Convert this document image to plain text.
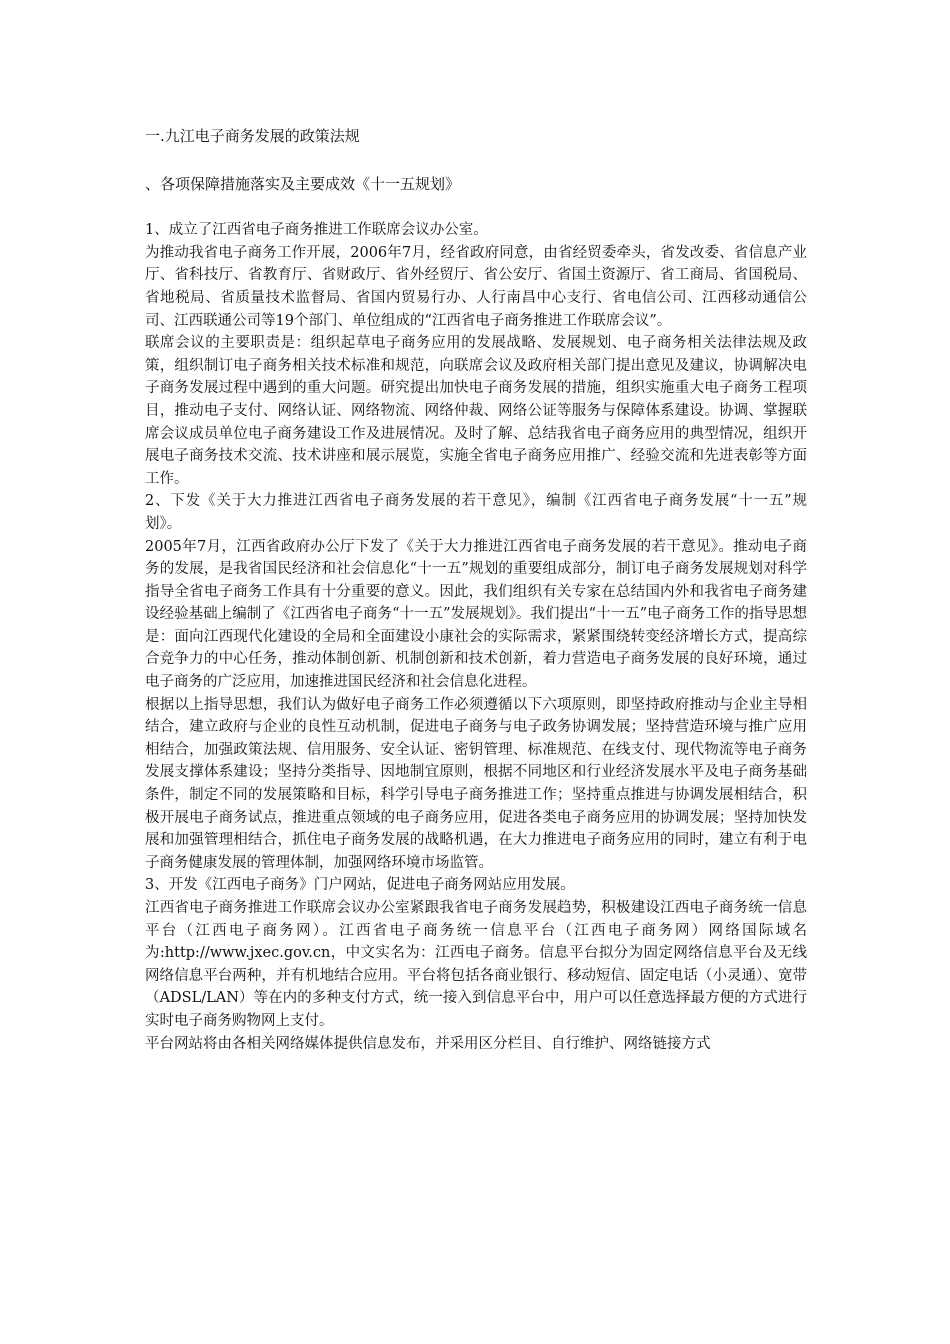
一.九江电子商务发展的政策法规
、各项保障措施落实及主要成效《十一五规划》

1、成立了江西省电子商务推进工作联席会议办公室。

为推动我省电子商务工作开展，2006年7月，经省政府同意，由省经贸委牵头，省发改委、省信息产业厅、省科技厅、省教育厅、省财政厅、省外经贸厅、省公安厅、省国土资源厅、省工商局、省国税局、省地税局、省质量技术监督局、省国内贸易行办、人行南昌中心支行、省电信公司、江西移动通信公司、江西联通公司等19个部门、单位组成的“江西省电子商务推进工作联席会议”。

联席会议的主要职责是：组织起草电子商务应用的发展战略、发展规划、电子商务相关法律法规及政策，组织制订电子商务相关技术标准和规范，向联席会议及政府相关部门提出意见及建议，协调解决电子商务发展过程中遇到的重大问题。研究提出加快电子商务发展的措施，组织实施重大电子商务工程项目，推动电子支付、网络认证、网络物流、网络仲裁、网络公证等服务与保障体系建设。协调、掌握联席会议成员单位电子商务建设工作及进展情况。及时了解、总结我省电子商务应用的典型情况，组织开展电子商务技术交流、技术讲座和展示展览，实施全省电子商务应用推广、经验交流和先进表彰等方面工作。

2、下发《关于大力推进江西省电子商务发展的若干意见》，编制《江西省电子商务发展“十一五”规划》。

2005年7月，江西省政府办公厅下发了《关于大力推进江西省电子商务发展的若干意见》。推动电子商务的发展，是我省国民经济和社会信息化“十一五”规划的重要组成部分，制订电子商务发展规划对科学指导全省电子商务工作具有十分重要的意义。因此，我们组织有关专家在总结国内外和我省电子商务建设经验基础上编制了《江西省电子商务“十一五”发展规划》。我们提出“十一五”电子商务工作的指导思想是：面向江西现代化建设的全局和全面建设小康社会的实际需求，紧紧围绕转变经济增长方式，提高综合竞争力的中心任务，推动体制创新、机制创新和技术创新，着力营造电子商务发展的良好环境，通过电子商务的广泛应用，加速推进国民经济和社会信息化进程。

根据以上指导思想，我们认为做好电子商务工作必须遵循以下六项原则，即坚持政府推动与企业主导相结合，建立政府与企业的良性互动机制，促进电子商务与电子政务协调发展；坚持营造环境与推广应用相结合，加强政策法规、信用服务、安全认证、密钥管理、标准规范、在线支付、现代物流等电子商务发展支撑体系建设；坚持分类指导、因地制宜原则，根据不同地区和行业经济发展水平及电子商务基础条件，制定不同的发展策略和目标，科学引导电子商务推进工作；坚持重点推进与协调发展相结合，积极开展电子商务试点，推进重点领域的电子商务应用，促进各类电子商务应用的协调发展；坚持加快发展和加强管理相结合，抓住电子商务发展的战略机遇，在大力推进电子商务应用的同时，建立有利于电子商务健康发展的管理体制，加强网络环境市场监管。

3、开发《江西电子商务》门户网站，促进电子商务网站应用发展。

江西省电子商务推进工作联席会议办公室紧跟我省电子商务发展趋势，积极建设江西电子商务统一信息平台（江西电子商务网）。江西省电子商务统一信息平台（江西电子商务网）网络国际域名为:http://www.jxec.gov.cn，中文实名为：江西电子商务。信息平台拟分为固定网络信息平台及无线网络信息平台两种，并有机地结合应用。平台将包括各商业银行、移动短信、固定电话（小灵通）、宽带（ADSL/LAN）等在内的多种支付方式，统一接入到信息平台中，用户可以任意选择最方便的方式进行实时电子商务购物网上支付。

平台网站将由各相关网络媒体提供信息发布，并采用区分栏目、自行维护、网络链接方式
